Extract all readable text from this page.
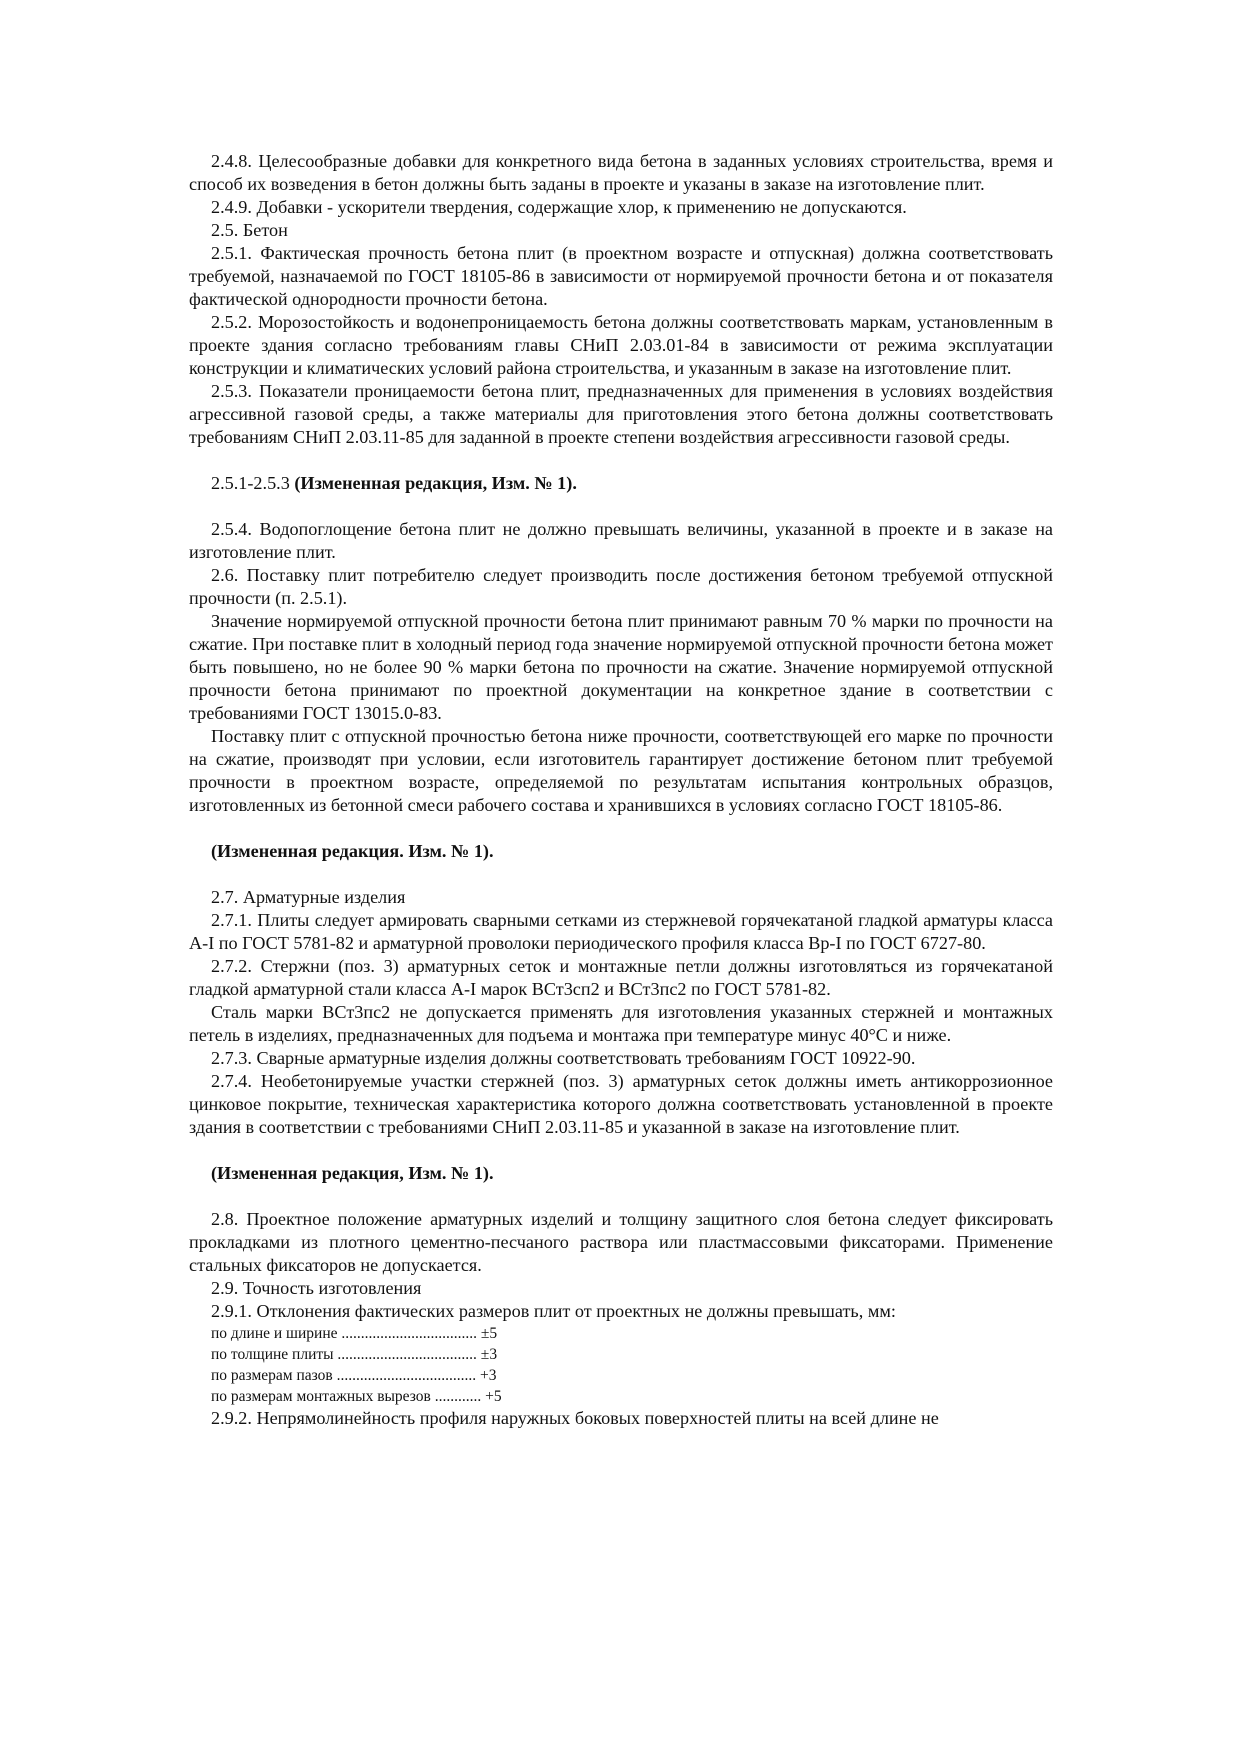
2.4.8. Целесообразные добавки для конкретного вида бетона в заданных условиях строительства, время и способ их возведения в бетон должны быть заданы в проекте и указаны в заказе на изготовление плит.

2.4.9. Добавки - ускорители твердения, содержащие хлор, к применению не допускаются.

2.5. Бетон

2.5.1. Фактическая прочность бетона плит (в проектном возрасте и отпускная) должна соответствовать требуемой, назначаемой по ГОСТ 18105-86 в зависимости от нормируемой прочности бетона и от показателя фактической однородности прочности бетона.

2.5.2. Морозостойкость и водонепроницаемость бетона должны соответствовать маркам, установленным в проекте здания согласно требованиям главы СНиП 2.03.01-84 в зависимости от режима эксплуатации конструкции и климатических условий района строительства, и указанным в заказе на изготовление плит.

2.5.3. Показатели проницаемости бетона плит, предназначенных для применения в условиях воздействия агрессивной газовой среды, а также материалы для приготовления этого бетона должны соответствовать требованиям СНиП 2.03.11-85 для заданной в проекте степени воздействия агрессивности газовой среды.

2.5.1-2.5.3 (Измененная редакция, Изм. № 1).

2.5.4. Водопоглощение бетона плит не должно превышать величины, указанной в проекте и в заказе на изготовление плит.

2.6. Поставку плит потребителю следует производить после достижения бетоном требуемой отпускной прочности (п. 2.5.1).

Значение нормируемой отпускной прочности бетона плит принимают равным 70 % марки по прочности на сжатие. При поставке плит в холодный период года значение нормируемой отпускной прочности бетона может быть повышено, но не более 90 % марки бетона по прочности на сжатие. Значение нормируемой отпускной прочности бетона принимают по проектной документации на конкретное здание в соответствии с требованиями ГОСТ 13015.0-83.

Поставку плит с отпускной прочностью бетона ниже прочности, соответствующей его марке по прочности на сжатие, производят при условии, если изготовитель гарантирует достижение бетоном плит требуемой прочности в проектном возрасте, определяемой по результатам испытания контрольных образцов, изготовленных из бетонной смеси рабочего состава и хранившихся в условиях согласно ГОСТ 18105-86.

(Измененная редакция. Изм. № 1).

2.7. Арматурные изделия

2.7.1. Плиты следует армировать сварными сетками из стержневой горячекатаной гладкой арматуры класса А-I по ГОСТ 5781-82 и арматурной проволоки периодического профиля класса Вр-I по ГОСТ 6727-80.

2.7.2. Стержни (поз. 3) арматурных сеток и монтажные петли должны изготовляться из горячекатаной гладкой арматурной стали класса А-I марок ВСт3сп2 и ВСт3пс2 по ГОСТ 5781-82.

Сталь марки ВСт3пс2 не допускается применять для изготовления указанных стержней и монтажных петель в изделиях, предназначенных для подъема и монтажа при температуре минус 40°С и ниже.

2.7.3. Сварные арматурные изделия должны соответствовать требованиям ГОСТ 10922-90.

2.7.4. Необетонируемые участки стержней (поз. 3) арматурных сеток должны иметь антикоррозионное цинковое покрытие, техническая характеристика которого должна соответствовать установленной в проекте здания в соответствии с требованиями СНиП 2.03.11-85 и указанной в заказе на изготовление плит.

(Измененная редакция, Изм. № 1).

2.8. Проектное положение арматурных изделий и толщину защитного слоя бетона следует фиксировать прокладками из плотного цементно-песчаного раствора или пластмассовыми фиксаторами. Применение стальных фиксаторов не допускается.

2.9. Точность изготовления

2.9.1. Отклонения фактических размеров плит от проектных не должны превышать, мм:

по длине и ширине ................................... ±5

по толщине плиты .................................... ±3

по размерам пазов .................................... +3

по размерам монтажных вырезов ............ +5

2.9.2. Непрямолинейность профиля наружных боковых поверхностей плиты на всей длине не
